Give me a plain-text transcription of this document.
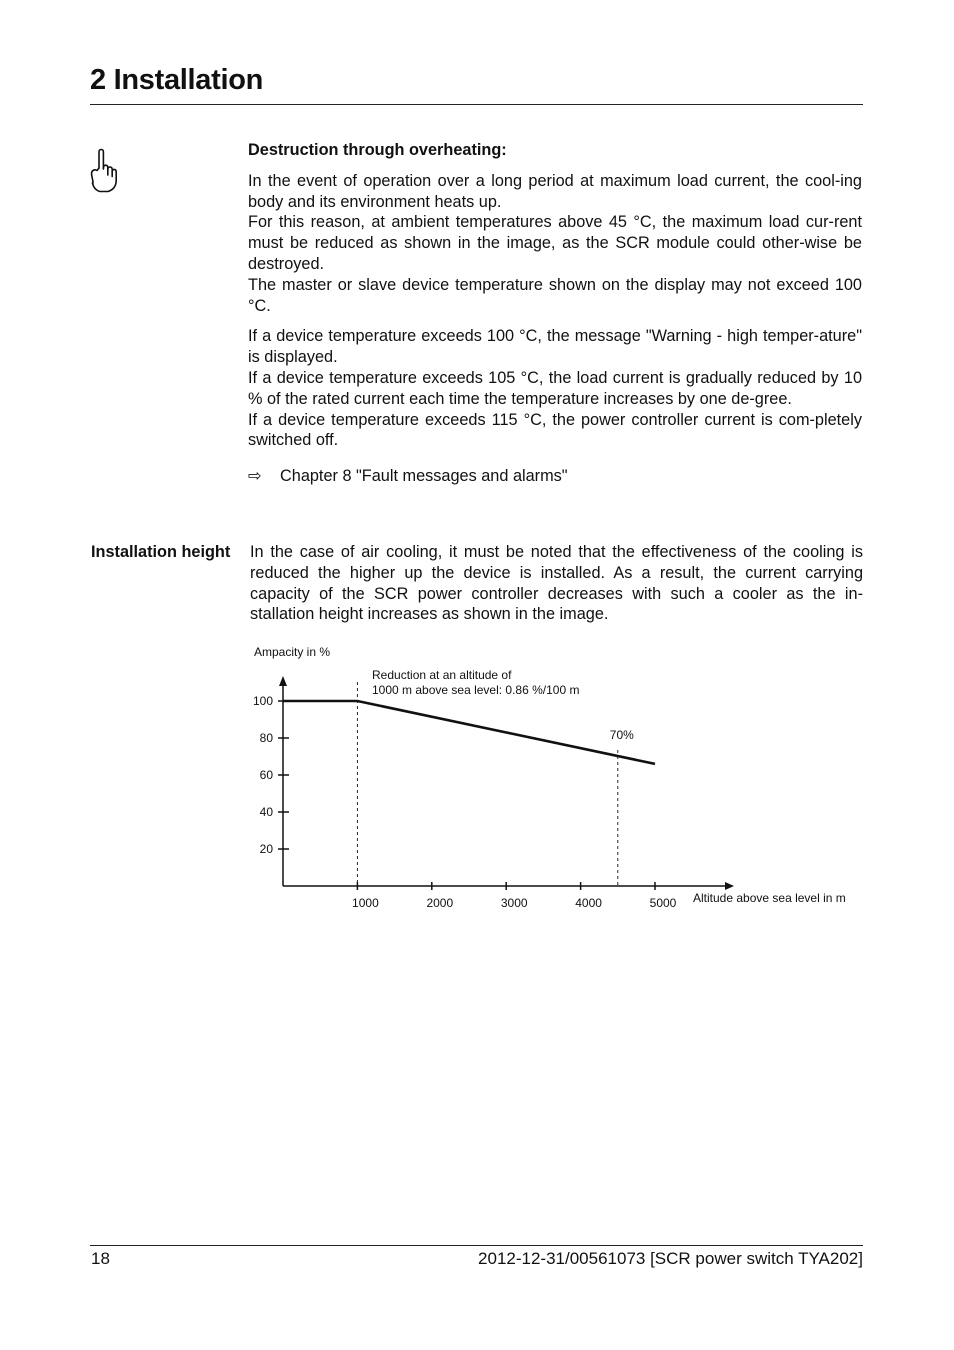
2 Installation

Destruction through overheating:

In the event of operation over a long period at maximum load current, the cool-ing body and its environment heats up.
For this reason, at ambient temperatures above 45 °C, the maximum load cur-rent must be reduced as shown in the image, as the SCR module could other-wise be destroyed.
The master or slave device temperature shown on the display may not exceed 100 °C.
If a device temperature exceeds 100 °C, the message "Warning - high temper-ature" is displayed.
If a device temperature exceeds 105 °C, the load current is gradually reduced by 10 % of the rated current each time the temperature increases by one de-gree.
If a device temperature exceeds 115 °C, the power controller current is com-pletely switched off.
⇨ Chapter 8 "Fault messages and alarms"

Installation height In the case of air cooling, it must be noted that the effectiveness of the cooling is reduced the higher up the device is installed. As a result, the current carrying capacity of the SCR power controller decreases with such a cooler as the in-stallation height increases as shown in the image.

20
40
60
80
100
1000	2000	3000	4000	5000
Ampacity in %
Altitude above sea level in m
Reduction at an altitude of
1000 m above sea level: 0.86 %/100 m
70%

18	2012-12-31/00561073 [SCR power switch TYA202]
